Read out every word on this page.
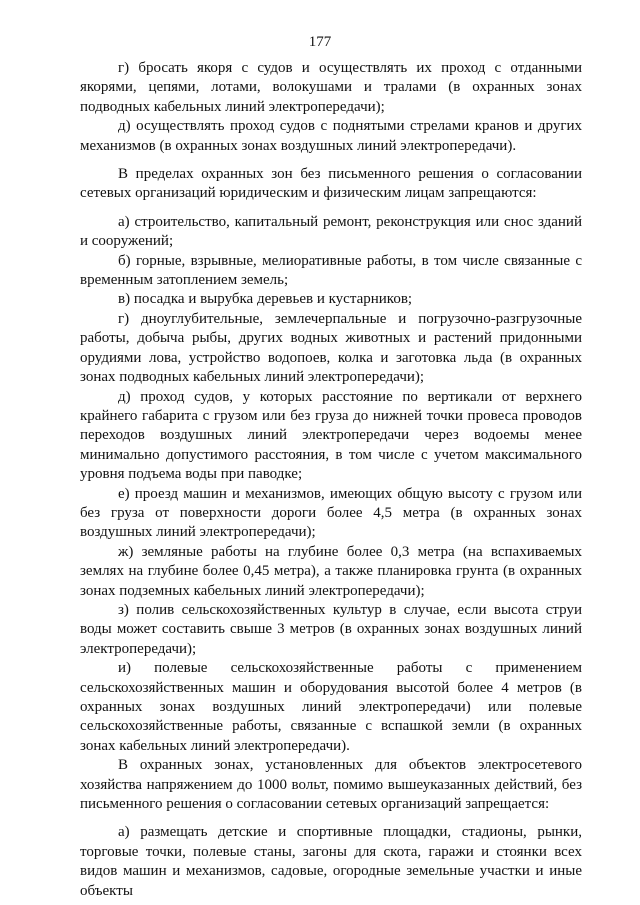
177

г) бросать якоря с судов и осуществлять их проход с отданными якорями, цепями, лотами, волокушами и тралами (в охранных зонах подводных кабельных линий электропередачи);

д) осуществлять проход судов с поднятыми стрелами кранов и других механизмов (в охранных зонах воздушных линий электропередачи).

В пределах охранных зон без письменного решения о согласовании сетевых организаций юридическим и физическим лицам запрещаются:

а) строительство, капитальный ремонт, реконструкция или снос зданий и сооружений;

б) горные, взрывные, мелиоративные работы, в том числе связанные с временным затоплением земель;

в) посадка и вырубка деревьев и кустарников;

г) дноуглубительные, землечерпальные и погрузочно-разгрузочные работы, добыча рыбы, других водных животных и растений придонными орудиями лова, устройство водопоев, колка и заготовка льда (в охранных зонах подводных кабельных линий электропередачи);

д) проход судов, у которых расстояние по вертикали от верхнего крайнего габарита с грузом или без груза до нижней точки провеса проводов переходов воздушных линий электропередачи через водоемы менее минимально допустимого расстояния, в том числе с учетом максимального уровня подъема воды при паводке;

е) проезд машин и механизмов, имеющих общую высоту с грузом или без груза от поверхности дороги более 4,5 метра (в охранных зонах воздушных линий электропередачи);

ж) земляные работы на глубине более 0,3 метра (на вспахиваемых землях на глубине более 0,45 метра), а также планировка грунта (в охранных зонах подземных кабельных линий электропередачи);

з) полив сельскохозяйственных культур в случае, если высота струи воды может составить свыше 3 метров (в охранных зонах воздушных линий электропередачи);

и) полевые сельскохозяйственные работы с применением сельскохозяйственных машин и оборудования высотой более 4 метров (в охранных зонах воздушных линий электропередачи) или полевые сельскохозяйственные работы, связанные с вспашкой земли (в охранных зонах кабельных линий электропередачи).

В охранных зонах, установленных для объектов электросетевого хозяйства напряжением до 1000 вольт, помимо вышеуказанных действий, без письменного решения о согласовании сетевых организаций запрещается:

а) размещать детские и спортивные площадки, стадионы, рынки, торговые точки, полевые станы, загоны для скота, гаражи и стоянки всех видов машин и механизмов, садовые, огородные земельные участки и иные объекты
